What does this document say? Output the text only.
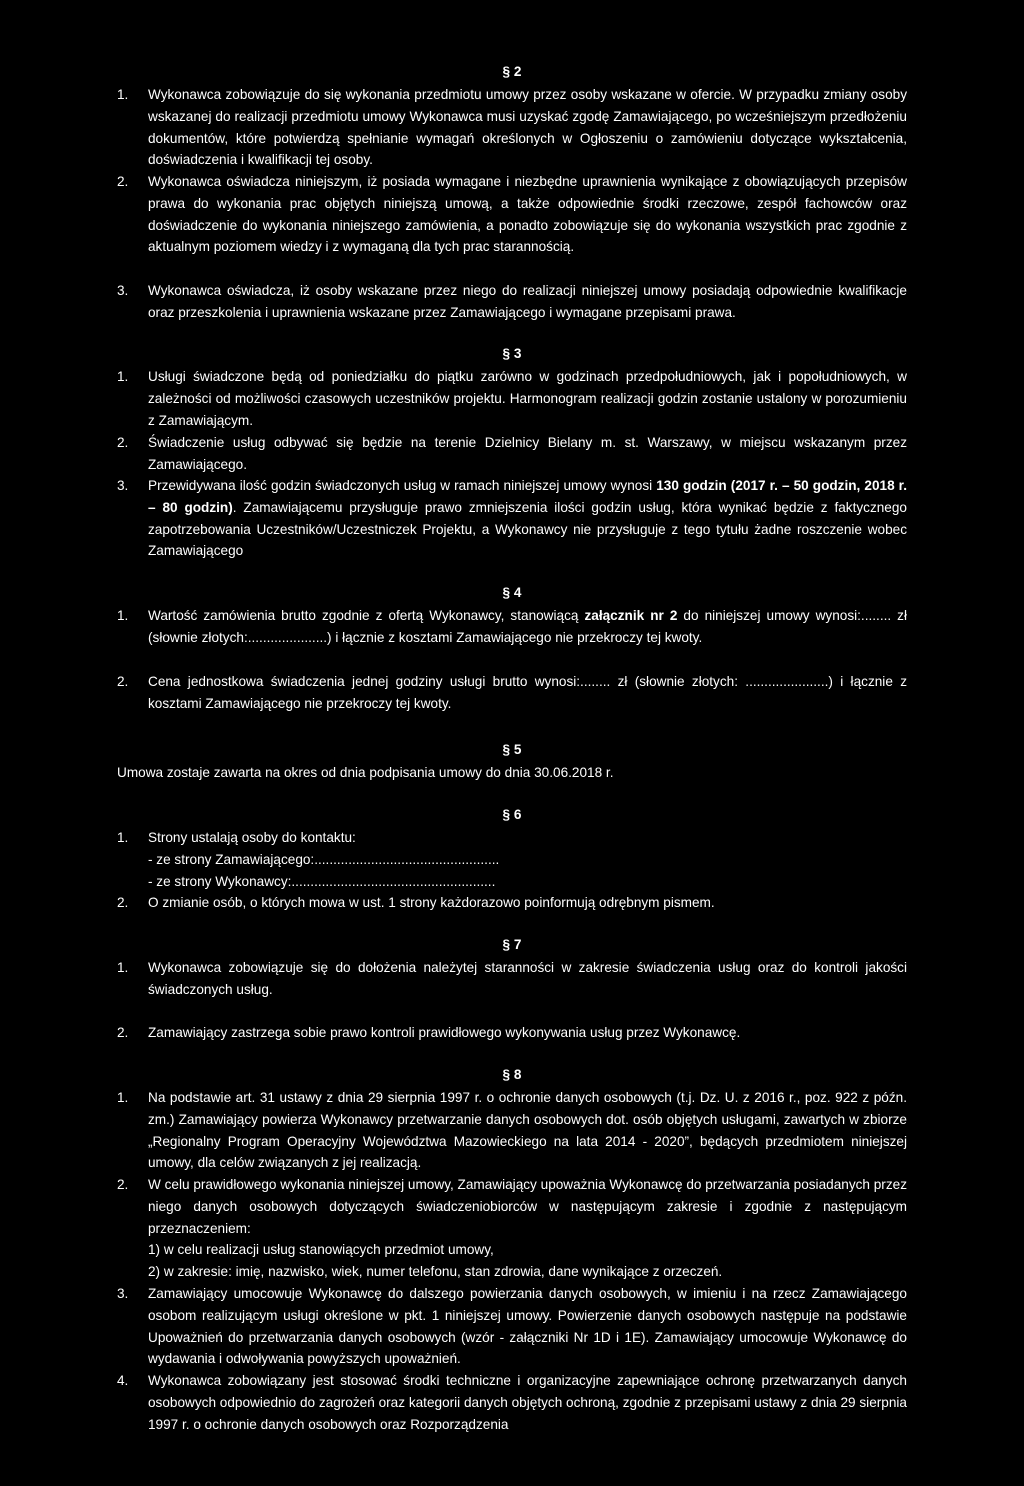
§ 2
1. Wykonawca zobowiązuje do się wykonania przedmiotu umowy przez osoby wskazane w ofercie. W przypadku zmiany osoby wskazanej do realizacji przedmiotu umowy Wykonawca musi uzyskać zgodę Zamawiającego, po wcześniejszym przedłożeniu dokumentów, które potwierdzą spełnianie wymagań określonych w Ogłoszeniu o zamówieniu dotyczące wykształcenia, doświadczenia i kwalifikacji tej osoby.
2. Wykonawca oświadcza niniejszym, iż posiada wymagane i niezbędne uprawnienia wynikające z obowiązujących przepisów prawa do wykonania prac objętych niniejszą umową, a także odpowiednie środki rzeczowe, zespół fachowców oraz doświadczenie do wykonania niniejszego zamówienia, a ponadto zobowiązuje się do wykonania wszystkich prac zgodnie z aktualnym poziomem wiedzy i z wymaganą dla tych prac starannością.
3. Wykonawca oświadcza, iż osoby wskazane przez niego do realizacji niniejszej umowy posiadają odpowiednie kwalifikacje oraz przeszkolenia i uprawnienia wskazane przez Zamawiającego i wymagane przepisami prawa.
§ 3
1. Usługi świadczone będą od poniedziałku do piątku zarówno w godzinach przedpołudniowych, jak i popołudniowych, w zależności od możliwości czasowych uczestników projektu. Harmonogram realizacji godzin zostanie ustalony w porozumieniu z Zamawiającym.
2. Świadczenie usług odbywać się będzie na terenie Dzielnicy Bielany m. st. Warszawy, w miejscu wskazanym przez Zamawiającego.
3. Przewidywana ilość godzin świadczonych usług w ramach niniejszej umowy wynosi 130 godzin (2017 r. – 50 godzin, 2018 r. – 80 godzin). Zamawiającemu przysługuje prawo zmniejszenia ilości godzin usług, która wynikać będzie z faktycznego zapotrzebowania Uczestników/Uczestniczek Projektu, a Wykonawcy nie przysługuje z tego tytułu żadne roszczenie wobec Zamawiającego
§ 4
1. Wartość zamówienia brutto zgodnie z ofertą Wykonawcy, stanowiącą załącznik nr 2 do niniejszej umowy wynosi:........ zł (słownie złotych:.....................) i łącznie z kosztami Zamawiającego nie przekroczy tej kwoty.
2. Cena jednostkowa świadczenia jednej godziny usługi brutto wynosi:........ zł (słownie złotych: ......................) i łącznie z kosztami Zamawiającego nie przekroczy tej kwoty.
§ 5
Umowa zostaje zawarta na okres od dnia podpisania umowy do dnia 30.06.2018 r.
§ 6
1. Strony ustalają osoby do kontaktu:
- ze strony Zamawiającego:.................................................
- ze strony Wykonawcy:......................................................
2. O zmianie osób, o których mowa w ust. 1 strony każdorazowo poinformują odrębnym pismem.
§ 7
1. Wykonawca zobowiązuje się do dołożenia należytej staranności w zakresie świadczenia usług oraz do kontroli jakości świadczonych usług.
2. Zamawiający zastrzega sobie prawo kontroli prawidłowego wykonywania usług przez Wykonawcę.
§ 8
1. Na podstawie art. 31 ustawy z dnia 29 sierpnia 1997 r. o ochronie danych osobowych (t.j. Dz. U. z 2016 r., poz. 922 z późn. zm.) Zamawiający powierza Wykonawcy przetwarzanie danych osobowych dot. osób objętych usługami, zawartych w zbiorze „Regionalny Program Operacyjny Województwa Mazowieckiego na lata 2014 - 2020”, będących przedmiotem niniejszej umowy, dla celów związanych z jej realizacją.
2. W celu prawidłowego wykonania niniejszej umowy, Zamawiający upoważnia Wykonawcę do przetwarzania posiadanych przez niego danych osobowych dotyczących świadczeniobiorców w następującym zakresie i zgodnie z następującym przeznaczeniem:
1) w celu realizacji usług stanowiących przedmiot umowy,
2) w zakresie: imię, nazwisko, wiek, numer telefonu, stan zdrowia, dane wynikające z orzeczeń.
3. Zamawiający umocowuje Wykonawcę do dalszego powierzania danych osobowych, w imieniu i na rzecz Zamawiającego osobom realizującym usługi określone w pkt. 1 niniejszej umowy. Powierzenie danych osobowych następuje na podstawie Upoważnień do przetwarzania danych osobowych (wzór - załączniki Nr 1D i 1E). Zamawiający umocowuje Wykonawcę do wydawania i odwoływania powyższych upoważnień.
4. Wykonawca zobowiązany jest stosować środki techniczne i organizacyjne zapewniające ochronę przetwarzanych danych osobowych odpowiednio do zagrożeń oraz kategorii danych objętych ochroną, zgodnie z przepisami ustawy z dnia 29 sierpnia 1997 r. o ochronie danych osobowych oraz Rozporządzenia
